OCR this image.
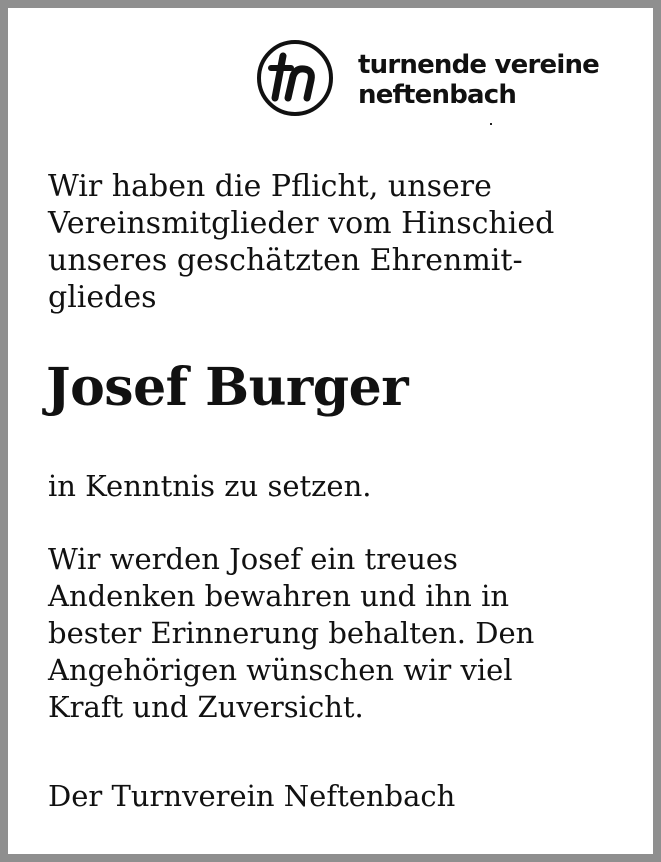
turnende vereine
neftenbach
Wir haben die Pflicht, unsere
Vereinsmitglieder vom Hinschied
unseres geschätzten Ehrenmit-
gliedes
Josef Burger
in Kenntnis zu setzen.
Wir werden Josef ein treues
Andenken bewahren und ihn in
bester Erinnerung behalten. Den
Angehörigen wünschen wir viel
Kraft und Zuversicht.
Der Turnverein Neftenbach
